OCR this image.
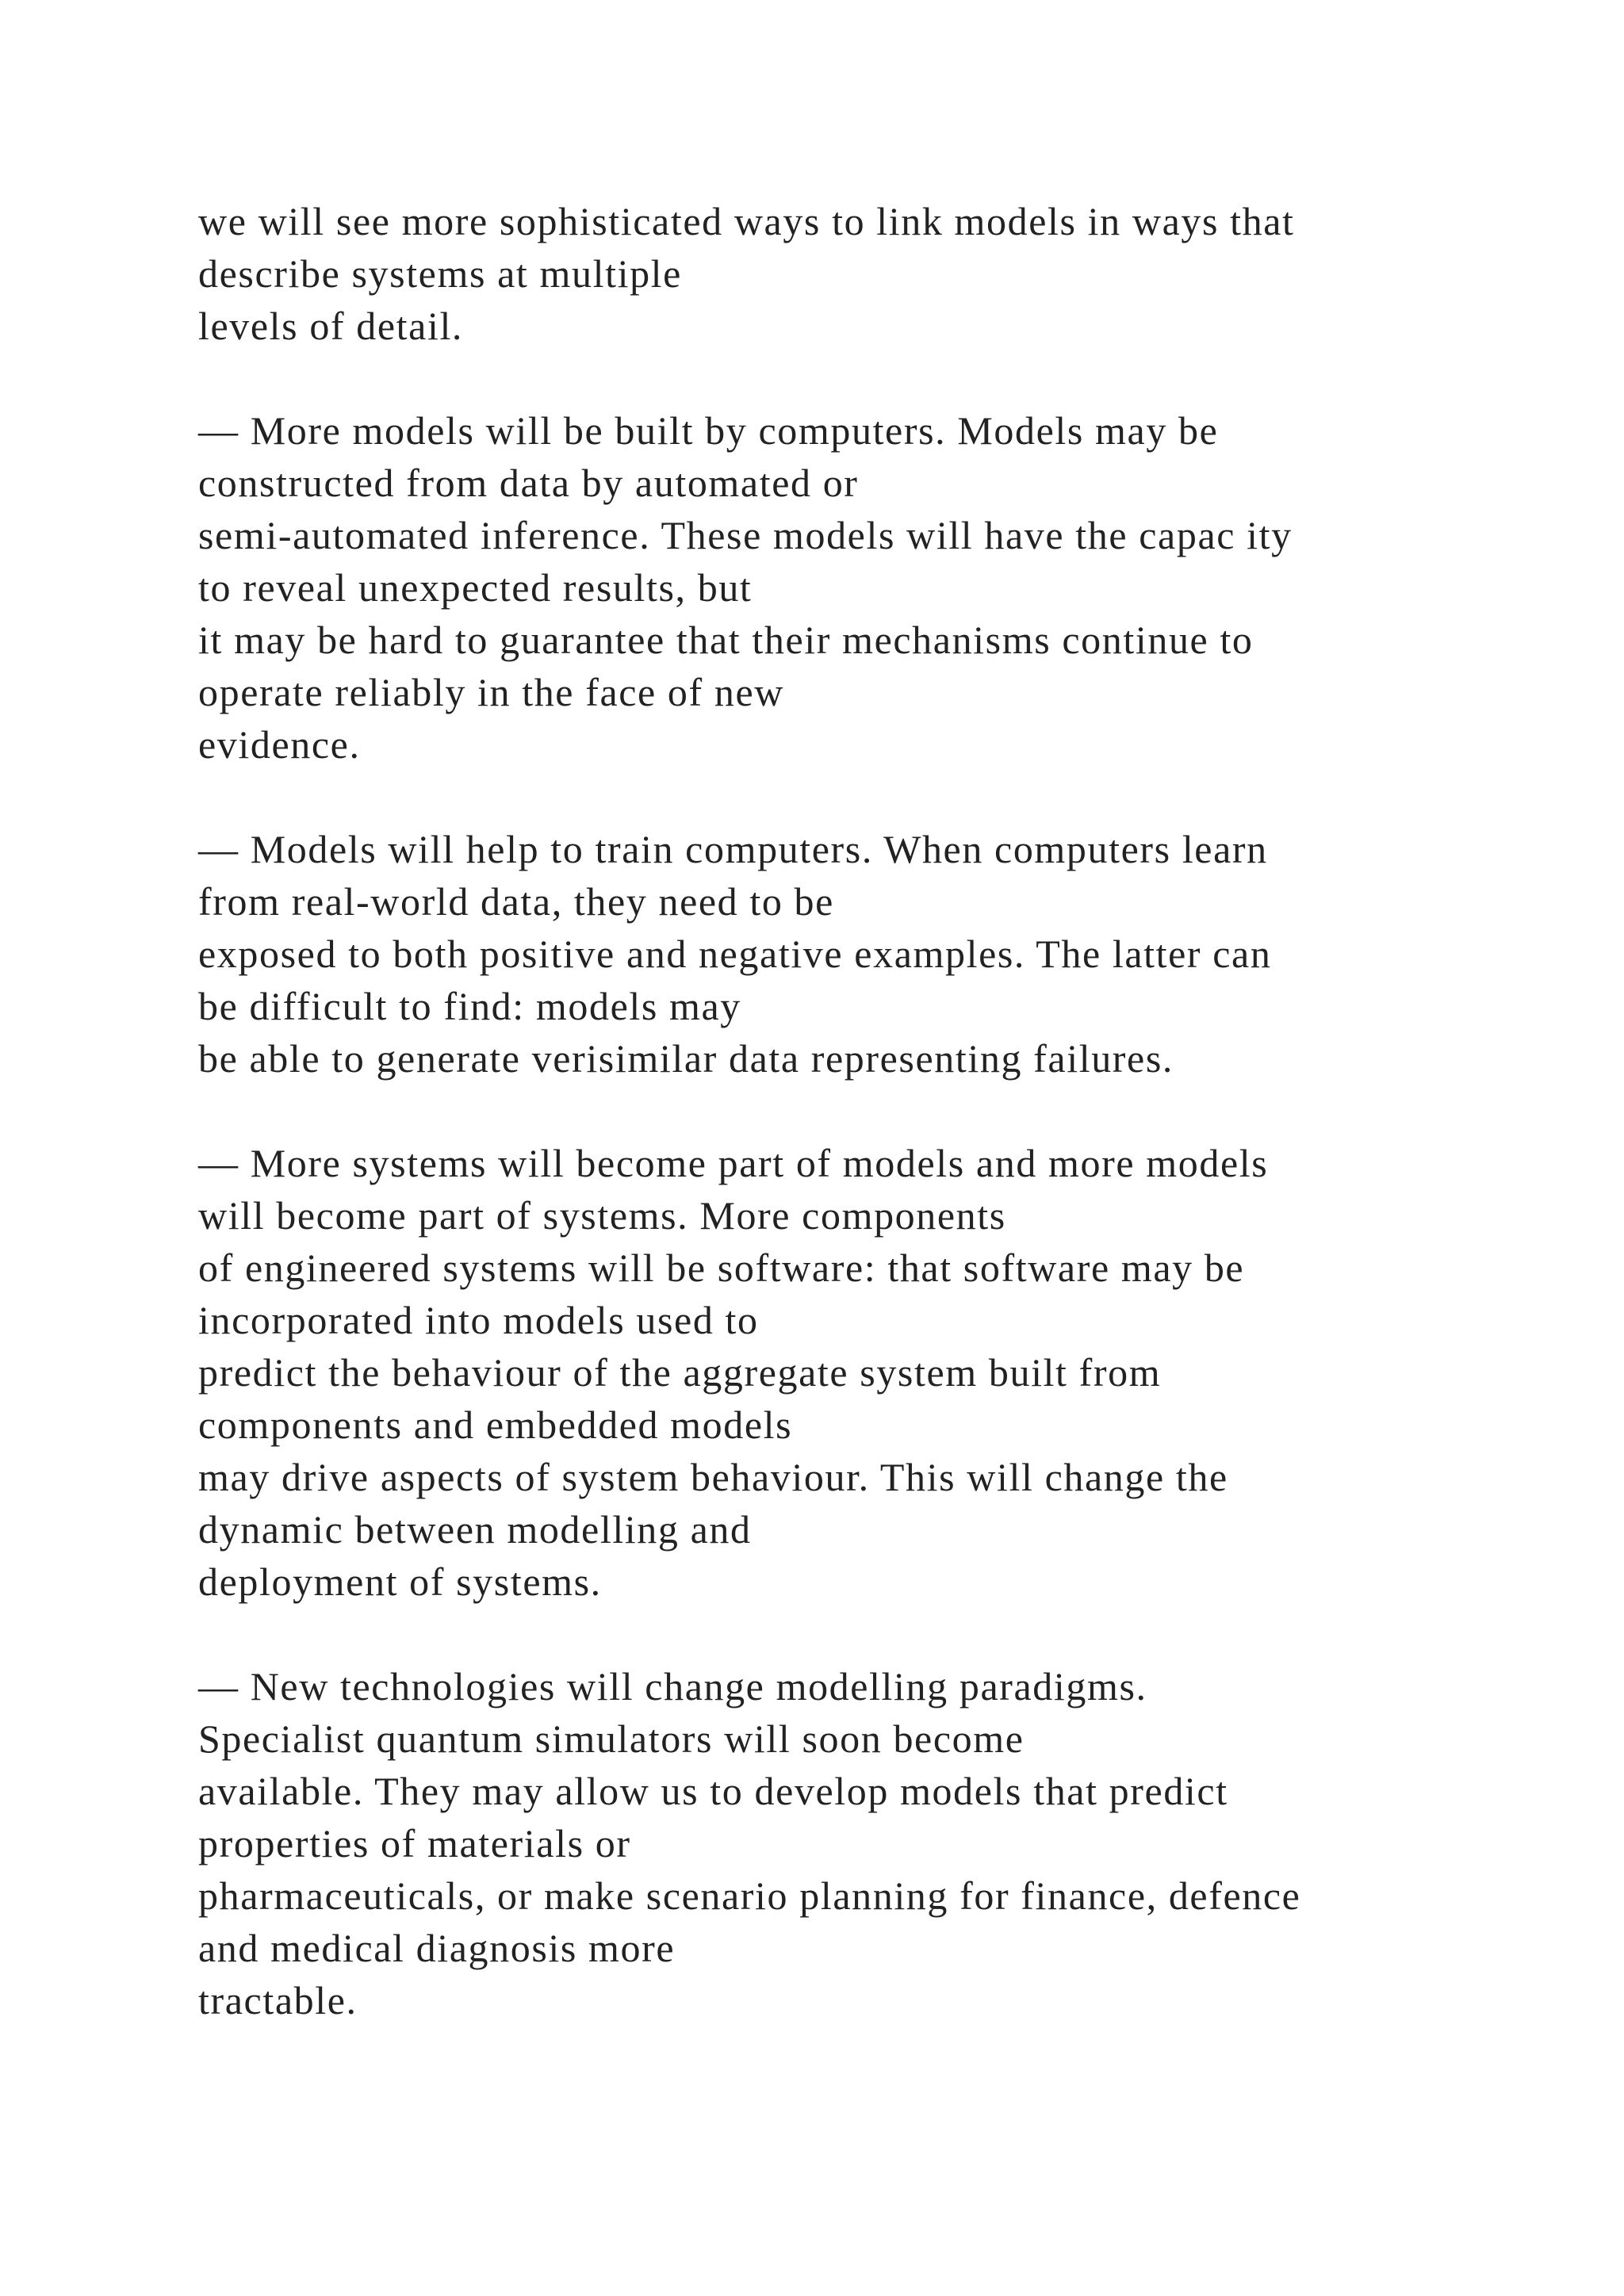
we will see more sophisticated ways to link models in ways that
describe systems at multiple
levels of detail.

— More models will be built by computers. Models may be
constructed from data by automated or
semi-automated inference. These models will have the capac ity
to reveal unexpected results, but
it may be hard to guarantee that their mechanisms continue to
operate reliably in the face of new
evidence.

— Models will help to train computers. When computers learn
from real-world data, they need to be
exposed to both positive and negative examples. The latter can
be difficult to find: models may
be able to generate verisimilar data representing failures.

— More systems will become part of models and more models
will become part of systems. More components
of engineered systems will be software: that software may be
incorporated into models used to
predict the behaviour of the aggregate system built from
components and embedded models
may drive aspects of system behaviour. This will change the
dynamic between modelling and
deployment of systems.

— New technologies will change modelling paradigms.
Specialist quantum simulators will soon become
available. They may allow us to develop models that predict
properties of materials or
pharmaceuticals, or make scenario planning for finance, defence
and medical diagnosis more
tractable.
